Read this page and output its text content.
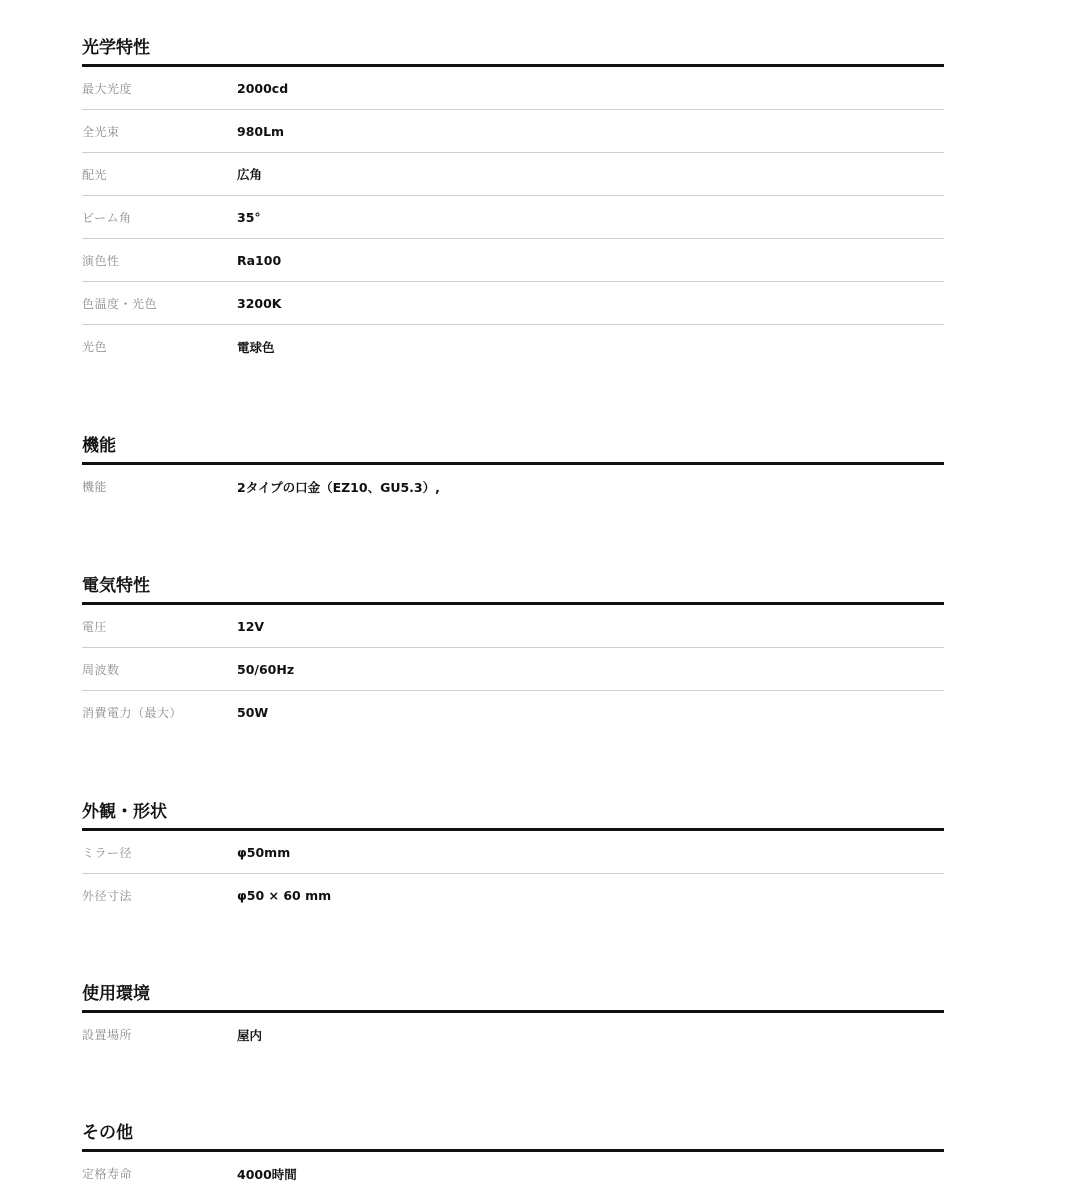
光学特性
最大光度	2000cd
全光束	980Lm
配光	広角
ビーム角	35°
演色性	Ra100
色温度・光色	3200K
光色	電球色
機能
機能	2タイプの口金（EZ10、GU5.3）,
電気特性
電圧	12V
周波数	50/60Hz
消費電力（最大）	50W
外観・形状
ミラー径	φ50mm
外径寸法	φ50 × 60 mm
使用環境
設置場所	屋内
その他
定格寿命	4000時間
